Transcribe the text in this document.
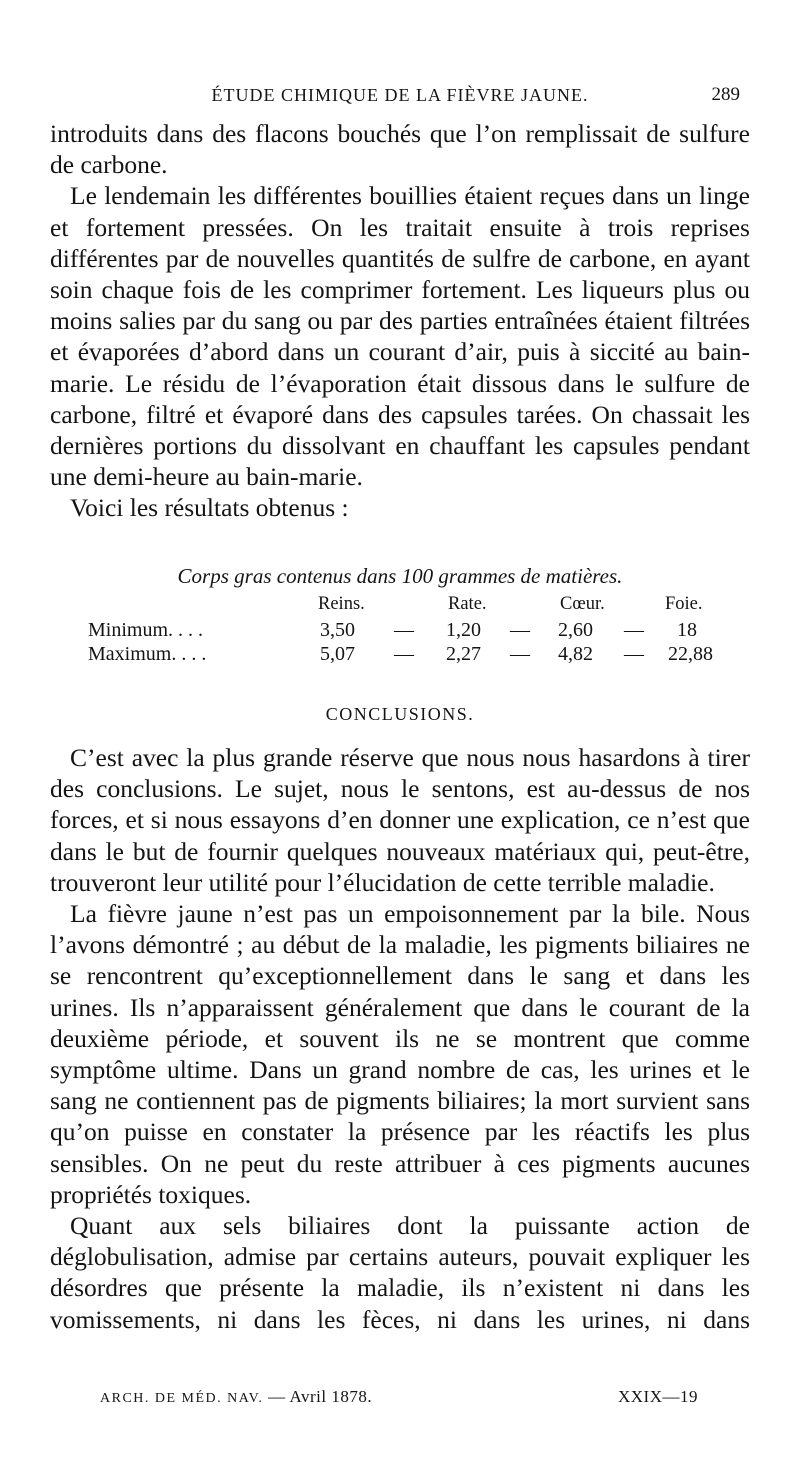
ÉTUDE CHIMIQUE DE LA FIÈVRE JAUNE.	289

introduits dans des flacons bouchés que l’on remplissait de sulfure de carbone.

Le lendemain les différentes bouillies étaient reçues dans un linge et fortement pressées. On les traitait ensuite à trois reprises différentes par de nouvelles quantités de sulfre de carbone, en ayant soin chaque fois de les comprimer fortement. Les liqueurs plus ou moins salies par du sang ou par des parties entraînées étaient filtrées et évaporées d’abord dans un courant d’air, puis à siccité au bain-marie. Le résidu de l’évaporation était dissous dans le sulfure de carbone, filtré et évaporé dans des capsules tarées. On chassait les dernières portions du dissolvant en chauffant les capsules pendant une demi-heure au bain-marie.

Voici les résultats obtenus :

Corps gras contenus dans 100 grammes de matières.
Reins.	Rate.	Cœur.	Foie.
Minimum. . . .	3,50 — 1,20 — 2,60 — 18
Maximum. . . .	5,07 — 2,27 — 4,82 — 22,88
CONCLUSIONS.

C’est avec la plus grande réserve que nous nous hasardons à tirer des conclusions. Le sujet, nous le sentons, est au-dessus de nos forces, et si nous essayons d’en donner une explication, ce n’est que dans le but de fournir quelques nouveaux matériaux qui, peut-être, trouveront leur utilité pour l’élucidation de cette terrible maladie.

La fièvre jaune n’est pas un empoisonnement par la bile. Nous l’avons démontré ; au début de la maladie, les pigments biliaires ne se rencontrent qu’exceptionnellement dans le sang et dans les urines. Ils n’apparaissent généralement que dans le courant de la deuxième période, et souvent ils ne se montrent que comme symptôme ultime. Dans un grand nombre de cas, les urines et le sang ne contiennent pas de pigments biliaires; la mort survient sans qu’on puisse en constater la présence par les réactifs les plus sensibles. On ne peut du reste attribuer à ces pigments aucunes propriétés toxiques.

Quant aux sels biliaires dont la puissante action de déglobulisation, admise par certains auteurs, pouvait expliquer les désordres que présente la maladie, ils n’existent ni dans les vomissements, ni dans les fèces, ni dans les urines, ni dans

ARCH. DE MÉD. NAV. — Avril 1878.	XXIX—19
